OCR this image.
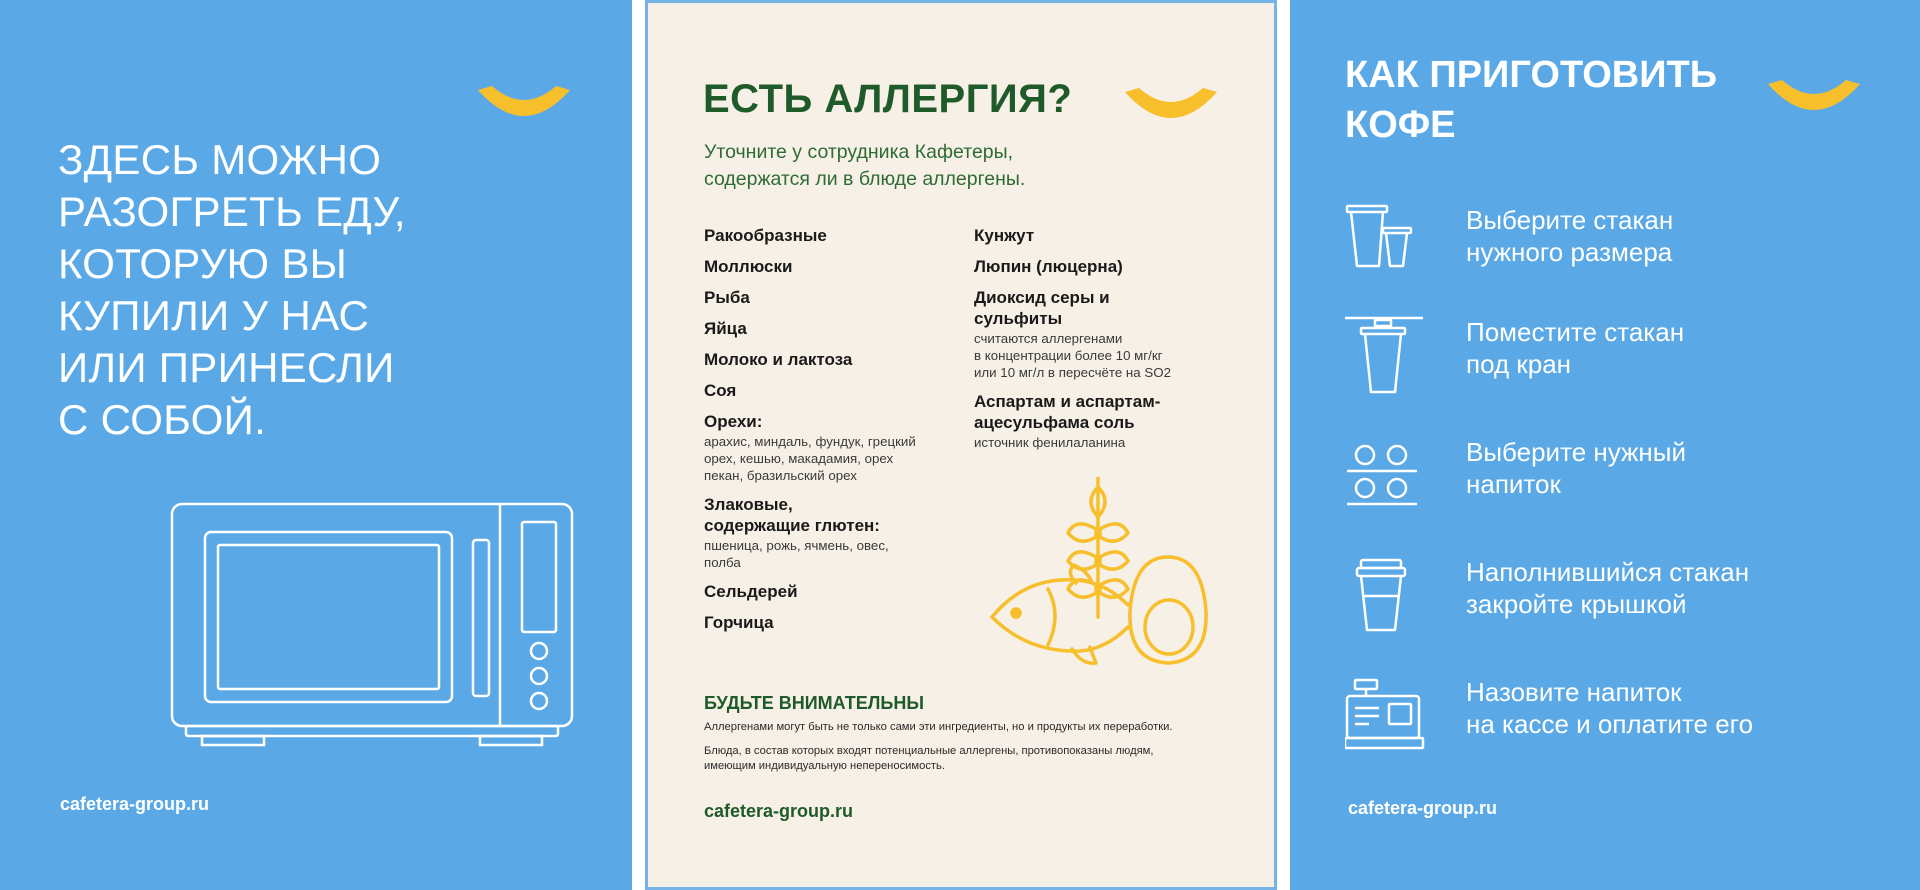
ЗДЕСЬ МОЖНО
РАЗОГРЕТЬ ЕДУ,
КОТОРУЮ ВЫ
КУПИЛИ У НАС
ИЛИ ПРИНЕСЛИ
С СОБОЙ.
cafetera-group.ru
ЕСТЬ АЛЛЕРГИЯ?
Уточните у сотрудника Кафетеры,
содержатся ли в блюде аллергены.
Ракообразные
Моллюски
Рыба
Яйца
Молоко и лактоза
Соя
Орехи:
арахис, миндаль, фундук, грецкий
орех, кешью, макадамия, орех
пекан, бразильский орех
Злаковые,
содержащие глютен:
пшеница, рожь, ячмень, овес,
полба
Сельдерей
Горчица
Кунжут
Люпин (люцерна)
Диоксид серы и
сульфиты
считаются аллергенами
в концентрации более 10 мг/кг
или 10 мг/л в пересчёте на SO2
Аспартам и аспартам-
ацесульфама соль
источник фенилаланина
БУДЬТЕ ВНИМАТЕЛЬНЫ
Аллергенами могут быть не только сами эти ингредиенты, но и продукты их переработки.
Блюда, в состав которых входят потенциальные аллергены, противопоказаны людям,
имеющим индивидуальную непереносимость.
cafetera-group.ru
КАК ПРИГОТОВИТЬ
КОФЕ
Выберите стакан
нужного размера
Поместите стакан
под кран
Выберите нужный
напиток
Наполнившийся стакан
закройте крышкой
Назовите напиток
на кассе и оплатите его
cafetera-group.ru
